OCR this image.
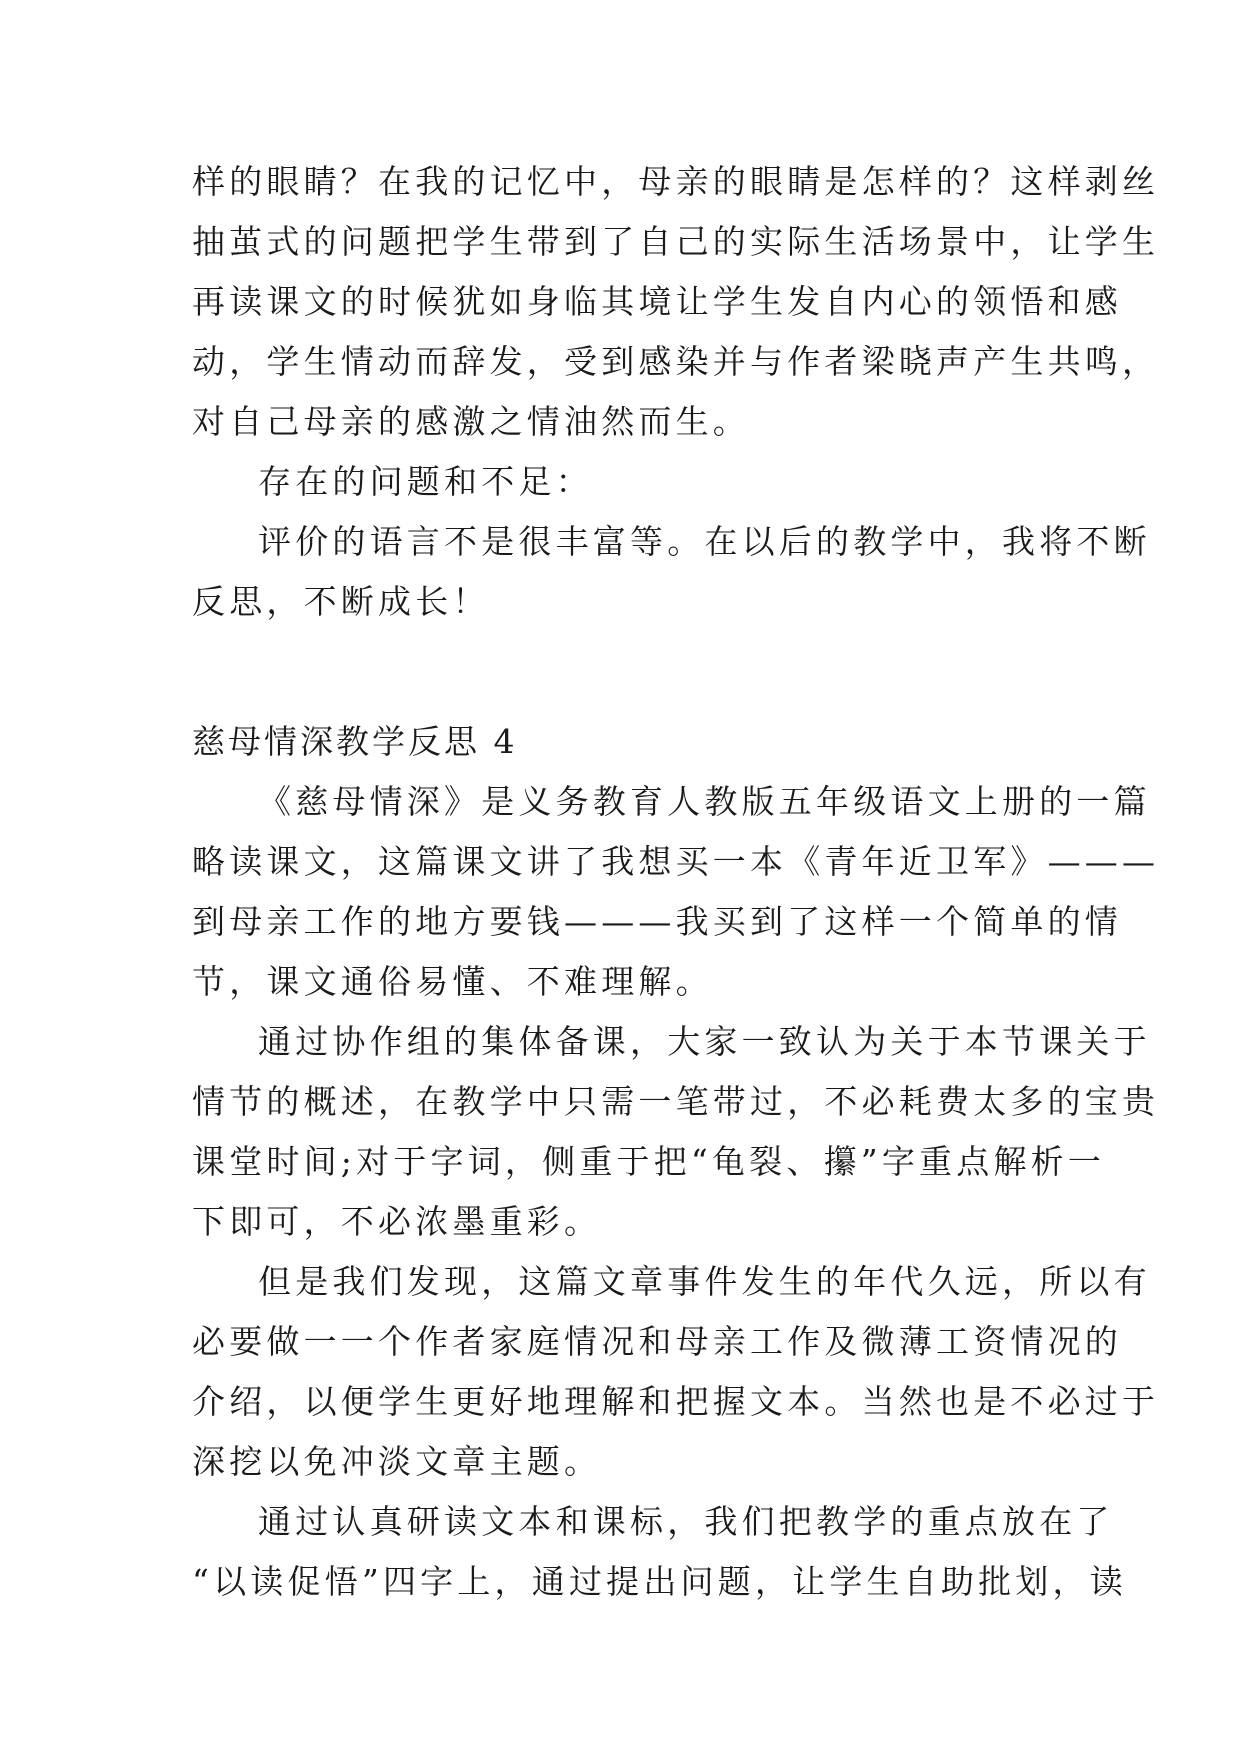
样的眼睛？在我的记忆中，母亲的眼睛是怎样的？这样剥丝
抽茧式的问题把学生带到了自己的实际生活场景中，让学生
再读课文的时候犹如身临其境让学生发自内心的领悟和感
动，学生情动而辞发，受到感染并与作者梁晓声产生共鸣，
对自己母亲的感激之情油然而生。
存在的问题和不足：
评价的语言不是很丰富等。在以后的教学中，我将不断
反思，不断成长！
慈母情深教学反思 4
《慈母情深》是义务教育人教版五年级语文上册的一篇
略读课文，这篇课文讲了我想买一本《青年近卫军》———
到母亲工作的地方要钱———我买到了这样一个简单的情
节，课文通俗易懂、不难理解。
通过协作组的集体备课，大家一致认为关于本节课关于
情节的概述，在教学中只需一笔带过，不必耗费太多的宝贵
课堂时间;对于字词，侧重于把“龟裂、攥”字重点解析一
下即可，不必浓墨重彩。
但是我们发现，这篇文章事件发生的年代久远，所以有
必要做一一个作者家庭情况和母亲工作及微薄工资情况的
介绍，以便学生更好地理解和把握文本。当然也是不必过于
深挖以免冲淡文章主题。
通过认真研读文本和课标，我们把教学的重点放在了
“以读促悟”四字上，通过提出问题，让学生自助批划，读
